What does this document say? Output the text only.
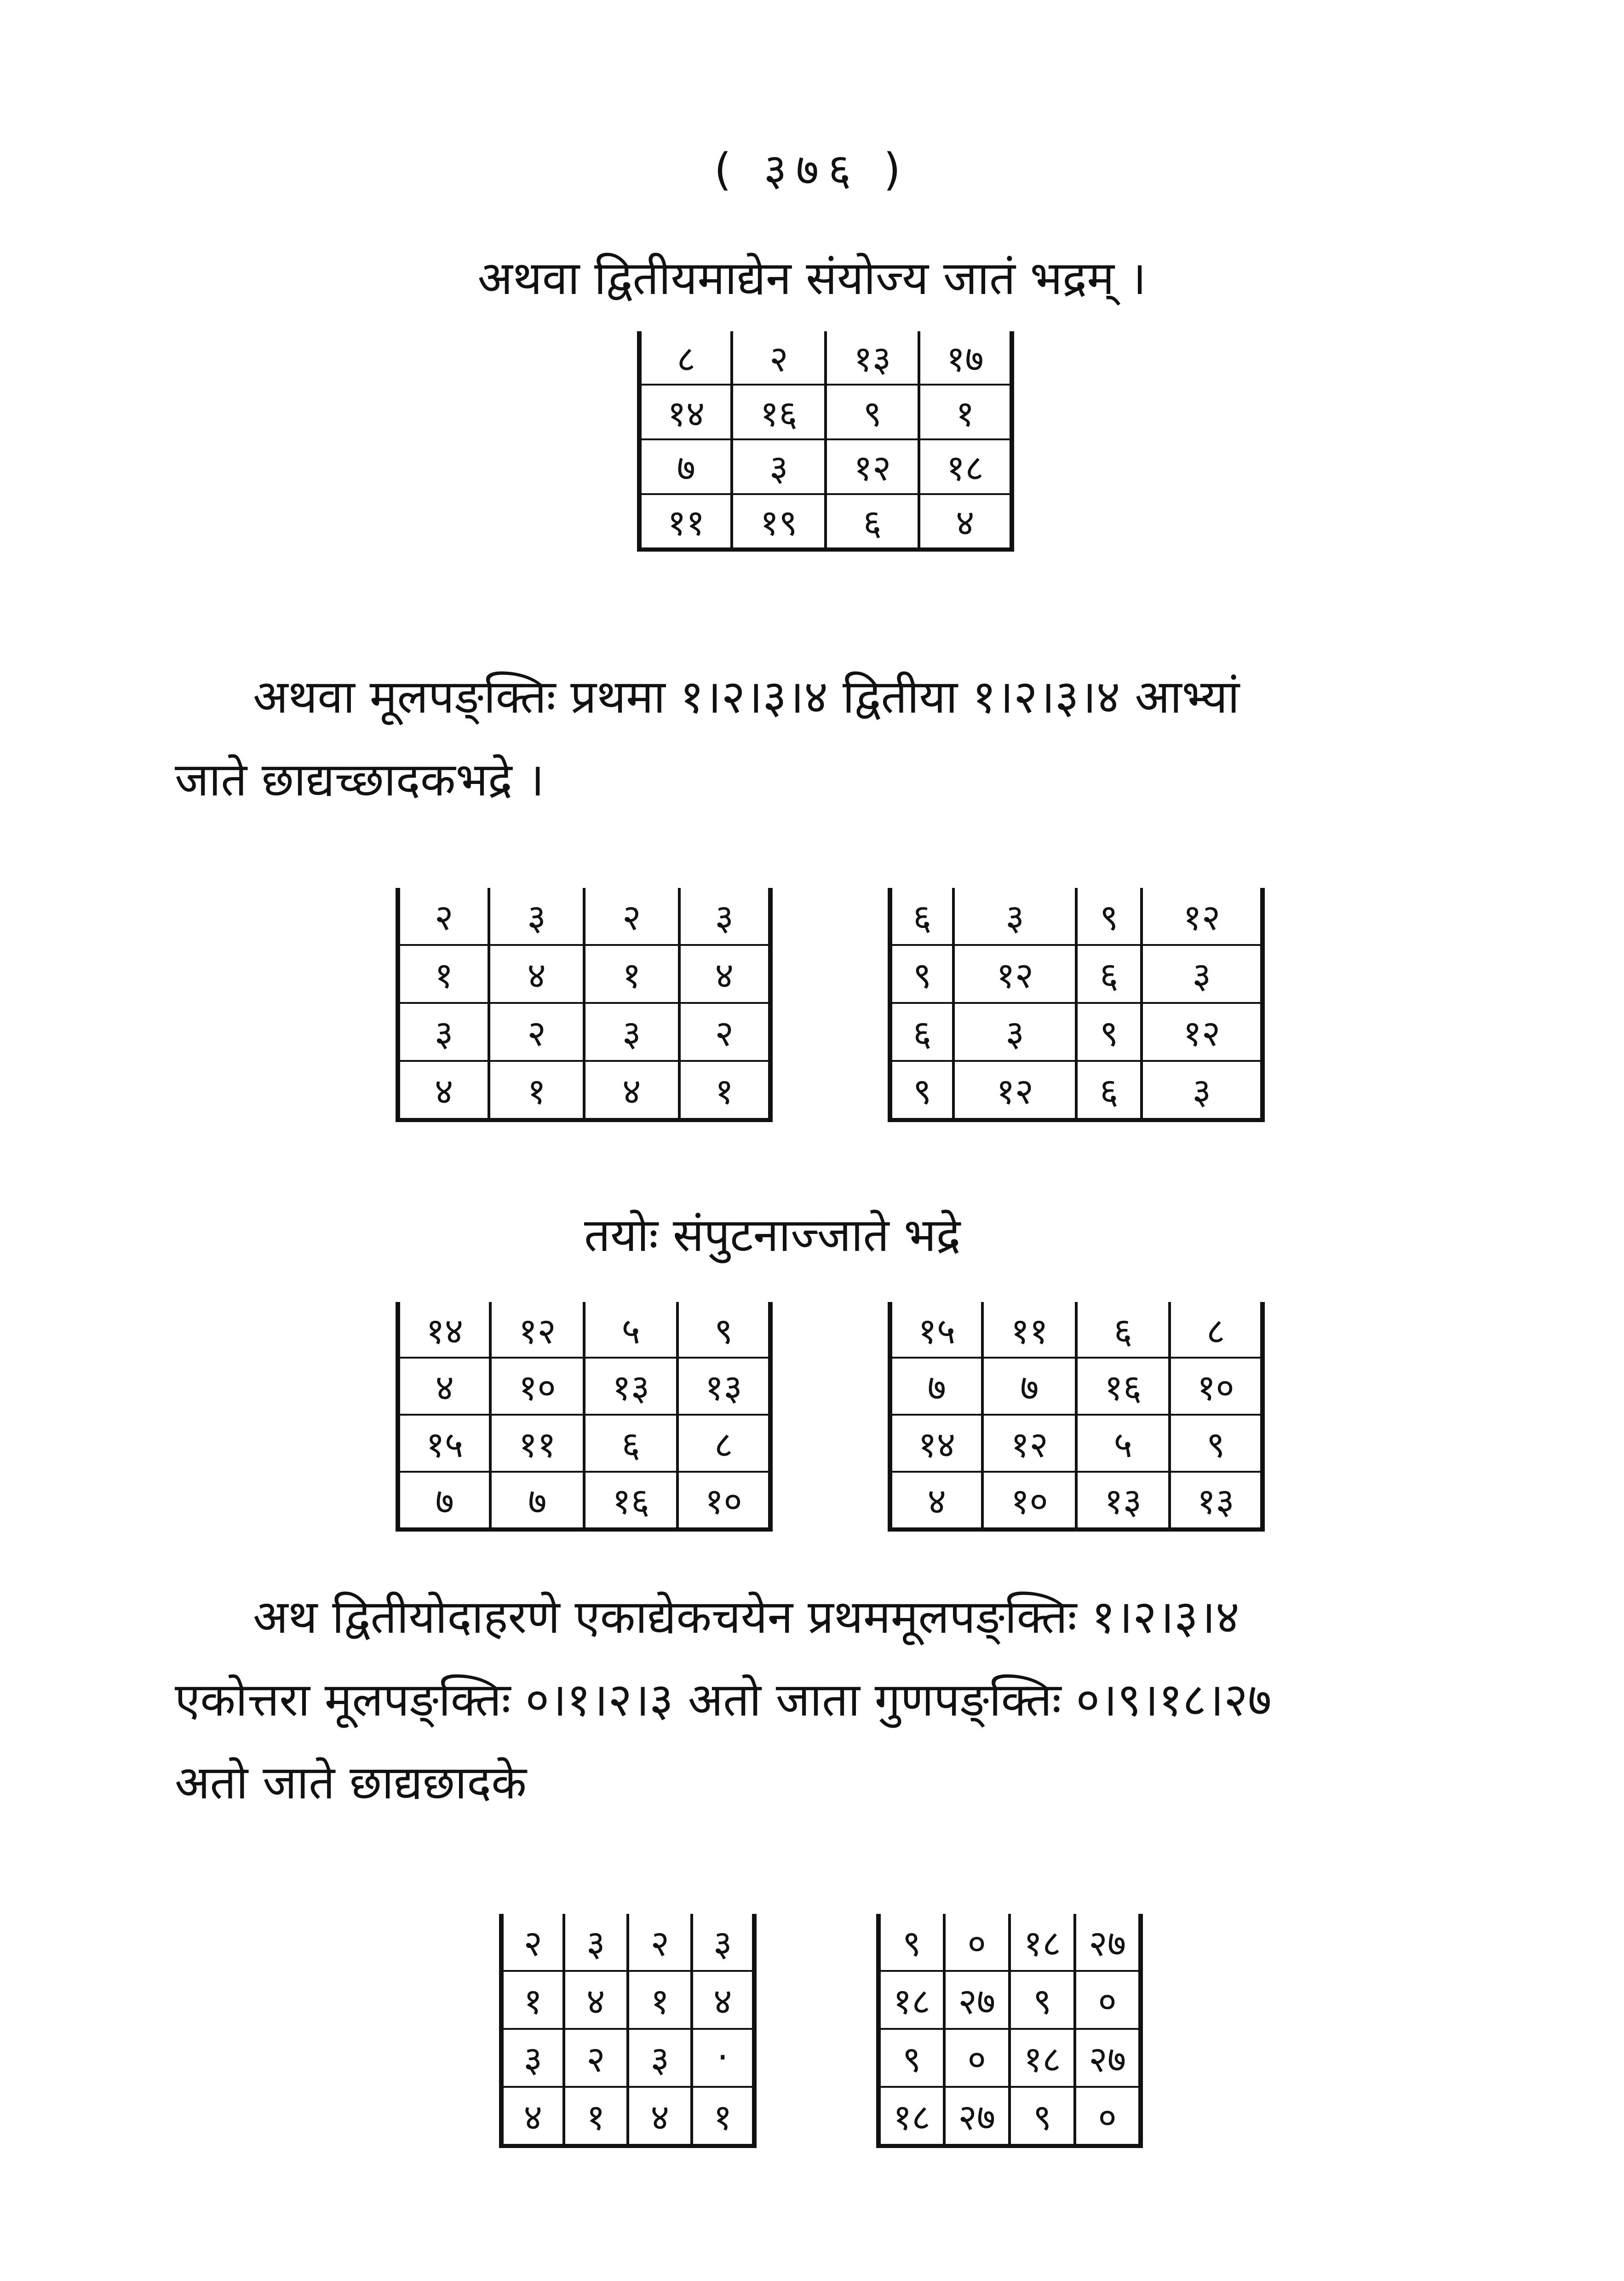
( ३७६ )
अथवा द्वितीयमाद्येन संयोज्य जातं भद्रम् ।
८	२	१३	१७
१४	१६	९	१
७	३	१२	१८
११	१९	६	४
अथवा मूलपङ्क्तिः प्रथमा १।२।३।४ द्वितीया १।२।३।४ आभ्यां
जाते छाद्यच्छादकभद्रे ।
२	३	२	३
१	४	१	४
३	२	३	२
४	१	४	१
६	३	९	१२
९	१२	६	३
६	३	९	१२
९	१२	६	३
तयोः संपुटनाज्जाते भद्रे
१४	१२	५	९
४	१०	१३	१३
१५	११	६	८
७	७	१६	१०
१५	११	६	८
७	७	१६	१०
१४	१२	५	९
४	१०	१३	१३
अथ द्वितीयोदाहरणे एकाद्येकचयेन प्रथममूलपङ्क्तिः १।२।३।४
एकोत्तरा मूलपङ्क्तिः ०।१।२।३ अतो जाता गुणपङ्क्तिः ०।९।१८।२७
अतो जाते छाद्यछादके
२	३	२	३
१	४	१	४
३	२	३	·
४	१	४	१
९	०	१८	२७
१८	२७	९	०
९	०	१८	२७
१८	२७	९	०
